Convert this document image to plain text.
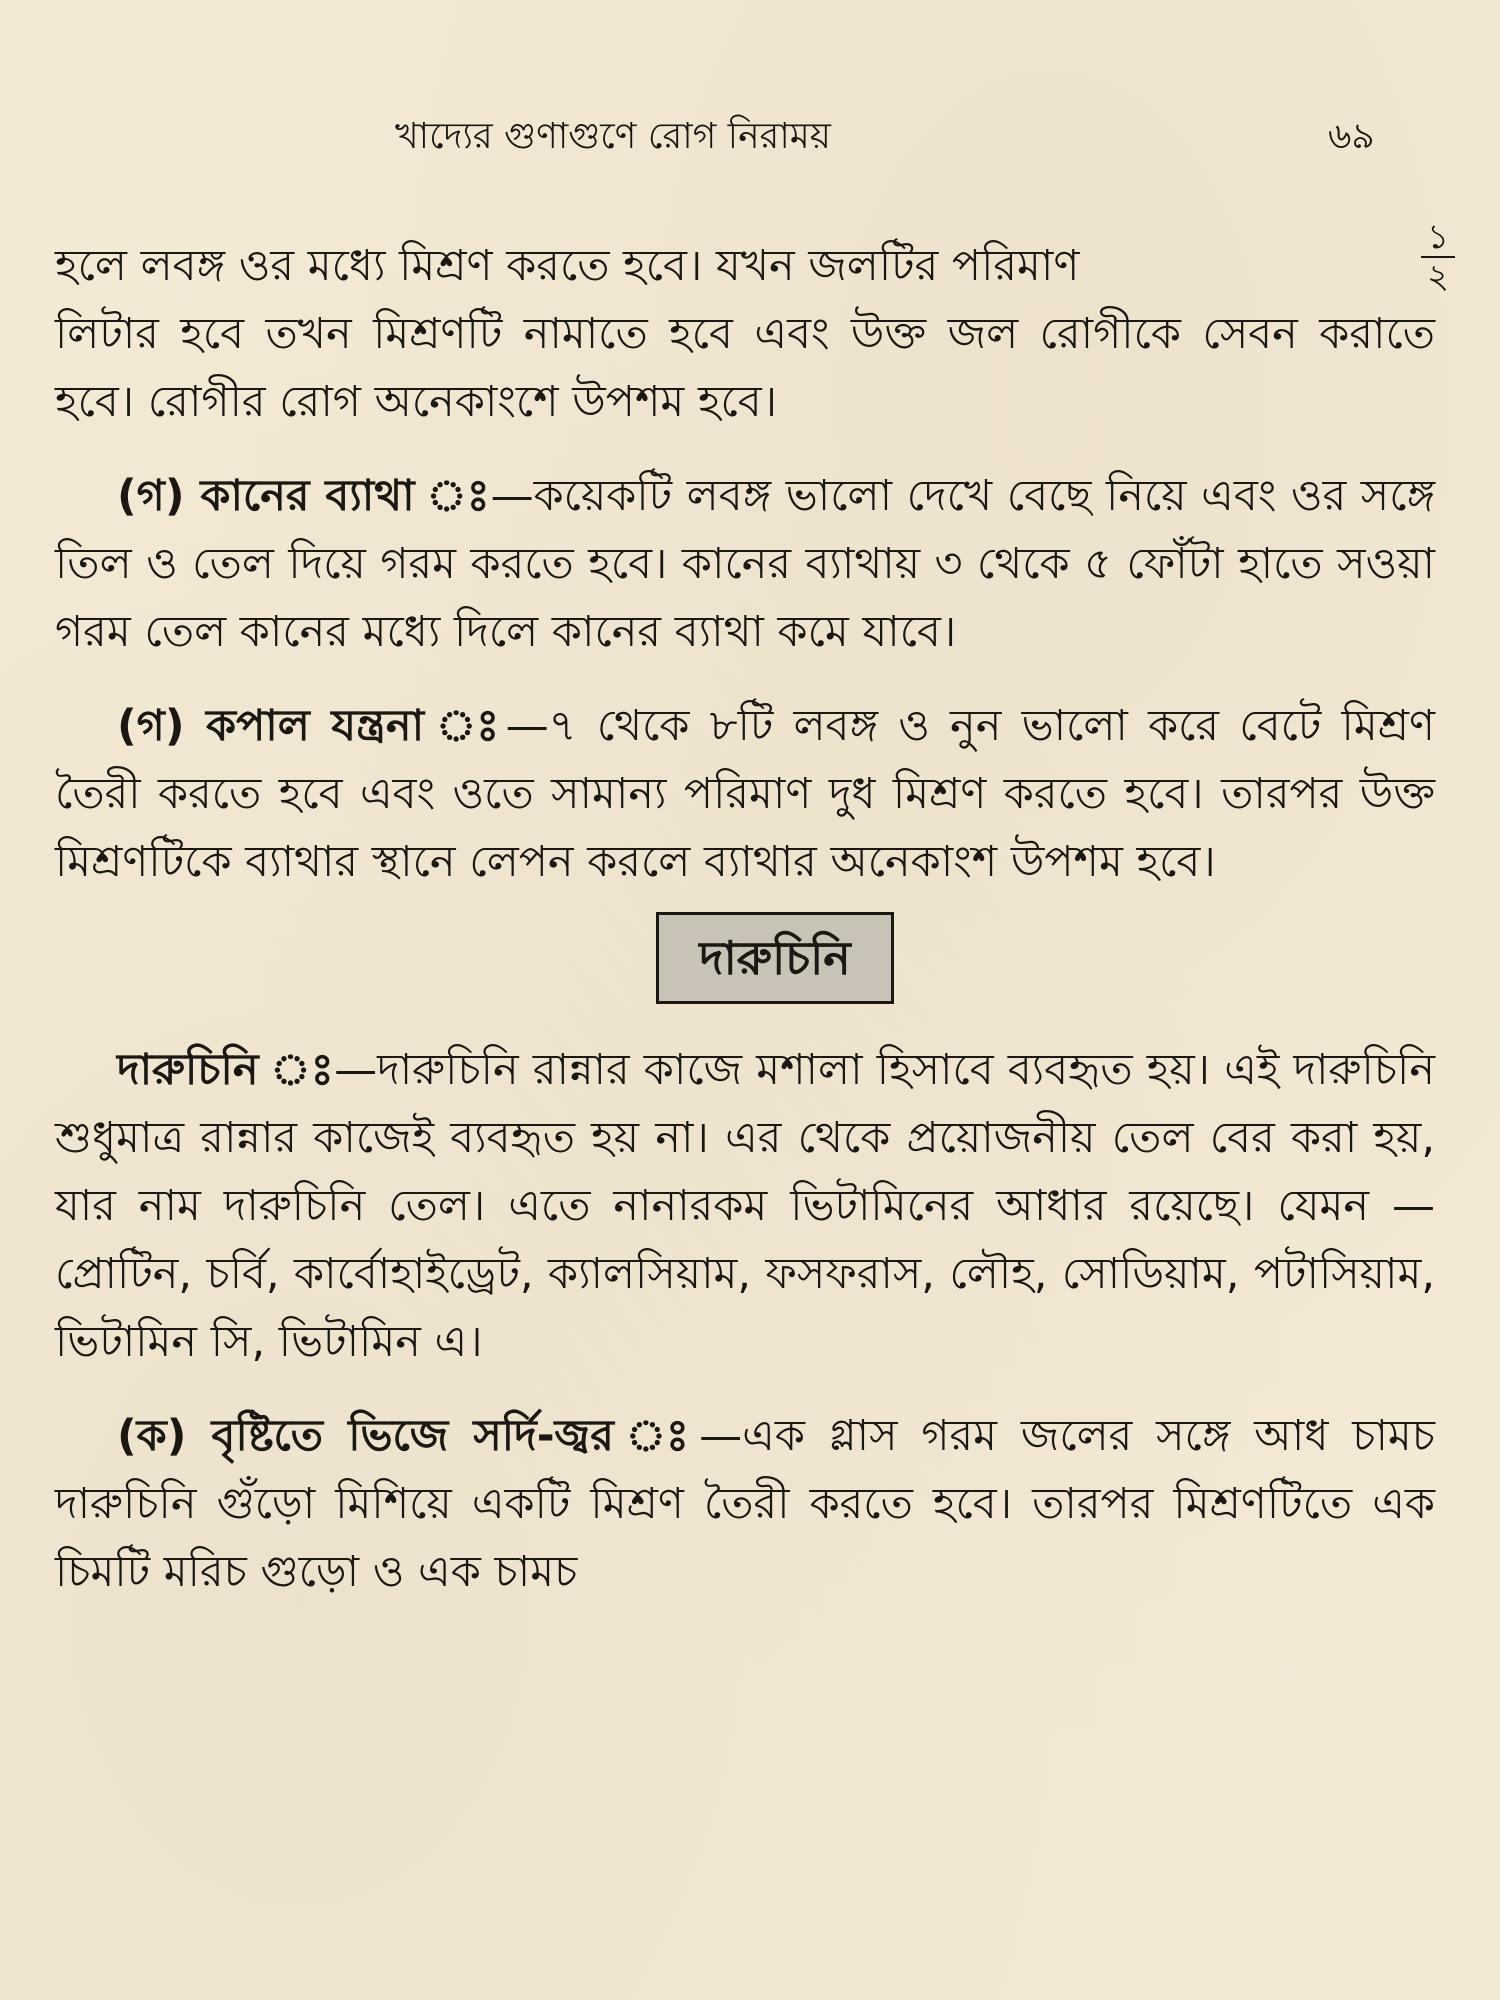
খাদ্যের গুণাগুণে রোগ নিরাময়	৬৯

হলে লবঙ্গ ওর মধ্যে মিশ্রণ করতে হবে। যখন জলটির পরিমাণ

১
২

লিটার হবে তখন মিশ্রণটি নামাতে হবে এবং উক্ত জল রোগীকে সেবন করাতে হবে। রোগীর রোগ অনেকাংশে উপশম হবে।

(গ) কানের ব্যাথা ঃ—কয়েকটি লবঙ্গ ভালো দেখে বেছে নিয়ে এবং ওর সঙ্গে তিল ও তেল দিয়ে গরম করতে হবে। কানের ব্যাথায় ৩ থেকে ৫ ফোঁটা হাতে সওয়া গরম তেল কানের মধ্যে দিলে কানের ব্যাথা কমে যাবে।

(গ) কপাল যন্ত্রনা ঃ—৭ থেকে ৮টি লবঙ্গ ও নুন ভালো করে বেটে মিশ্রণ তৈরী করতে হবে এবং ওতে সামান্য পরিমাণ দুধ মিশ্রণ করতে হবে। তারপর উক্ত মিশ্রণটিকে ব্যাথার স্থানে লেপন করলে ব্যাথার অনেকাংশ উপশম হবে।

দারুচিনি

দারুচিনি ঃ—দারুচিনি রান্নার কাজে মশালা হিসাবে ব্যবহৃত হয়। এই দারুচিনি শুধুমাত্র রান্নার কাজেই ব্যবহৃত হয় না। এর থেকে প্রয়োজনীয় তেল বের করা হয়, যার নাম দারুচিনি তেল। এতে নানারকম ভিটামিনের আধার রয়েছে। যেমন —প্রোটিন, চর্বি, কার্বোহাইড্রেট, ক্যালসিয়াম, ফসফরাস, লৌহ, সোডিয়াম, পটাসিয়াম, ভিটামিন সি, ভিটামিন এ।

(ক) বৃষ্টিতে ভিজে সর্দি-জ্বর ঃ—এক গ্লাস গরম জলের সঙ্গে আধ চামচ দারুচিনি গুঁড়ো মিশিয়ে একটি মিশ্রণ তৈরী করতে হবে। তারপর মিশ্রণটিতে এক চিমটি মরিচ গুড়ো ও এক চামচ
